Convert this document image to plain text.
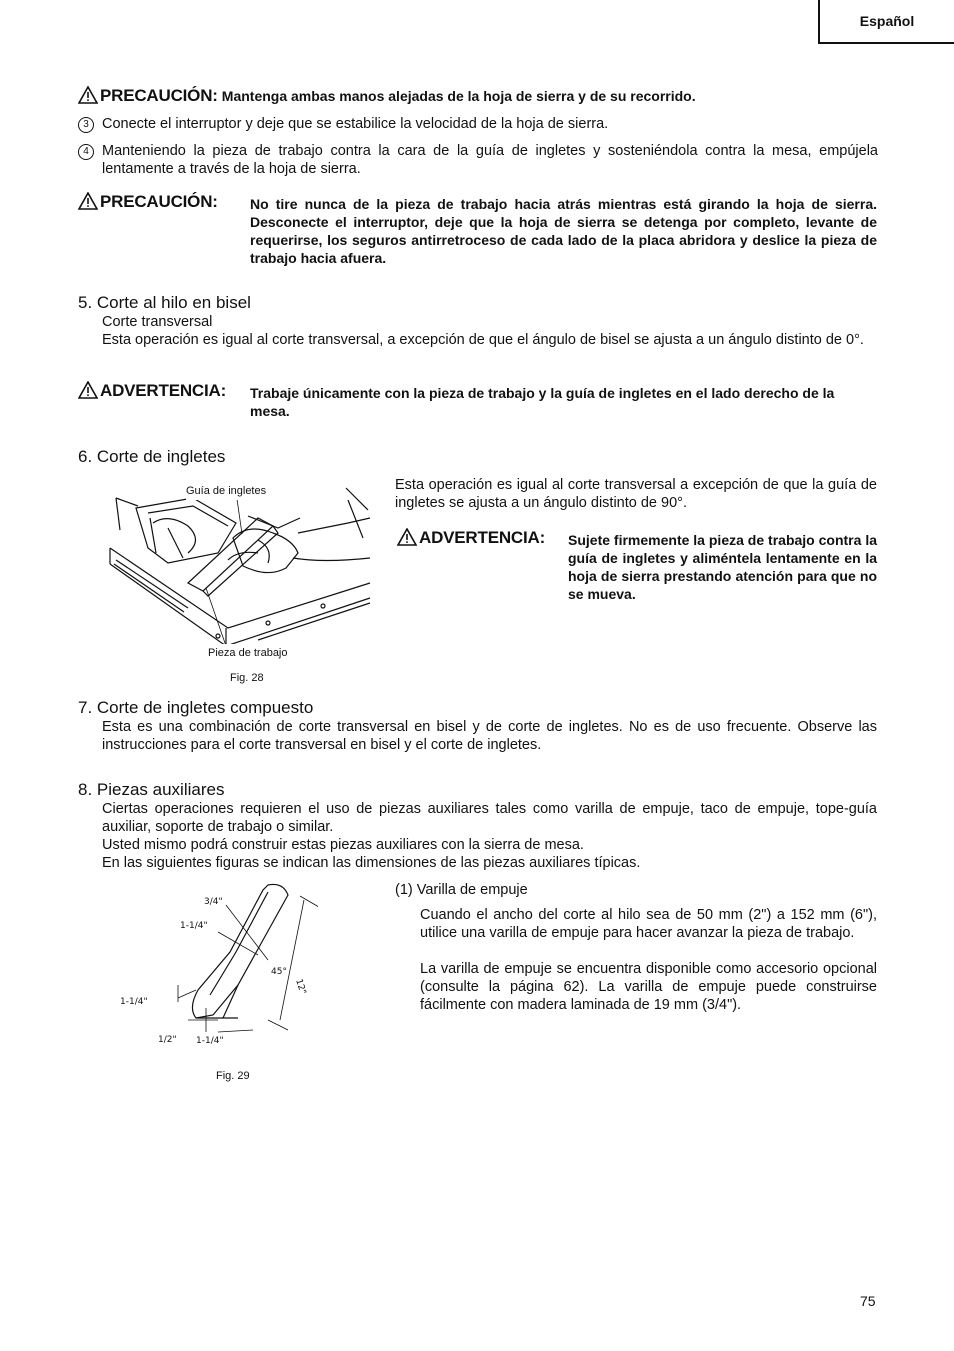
Español
PRECAUCIÓN: Mantenga ambas manos alejadas de la hoja de sierra y de su recorrido.
3 Conecte el interruptor y deje que se estabilice la velocidad de la hoja de sierra.
4 Manteniendo la pieza de trabajo contra la cara de la guía de ingletes y sosteniéndola contra la mesa, empújela lentamente a través de la hoja de sierra.
PRECAUCIÓN: No tire nunca de la pieza de trabajo hacia atrás mientras está girando la hoja de sierra. Desconecte el interruptor, deje que la hoja de sierra se detenga por completo, levante de requerirse, los seguros antirretroceso de cada lado de la placa abridora y deslice la pieza de trabajo hacia afuera.
5. Corte al hilo en bisel
Corte transversal
Esta operación es igual al corte transversal, a excepción de que el ángulo de bisel se ajusta a un ángulo distinto de 0°.
ADVERTENCIA: Trabaje únicamente con la pieza de trabajo y la guía de ingletes en el lado derecho de la mesa.
6. Corte de ingletes
Esta operación es igual al corte transversal a excepción de que la guía de ingletes se ajusta a un ángulo distinto de 90°.
Guía de ingletes
Pieza de trabajo
Fig. 28
ADVERTENCIA: Sujete firmemente la pieza de trabajo contra la guía de ingletes y aliméntela lentamente en la hoja de sierra prestando atención para que no se mueva.
7. Corte de ingletes compuesto
Esta es una combinación de corte transversal en bisel y de corte de ingletes. No es de uso frecuente. Observe las instrucciones para el corte transversal en bisel y el corte de ingletes.
8. Piezas auxiliares
Ciertas operaciones requieren el uso de piezas auxiliares tales como varilla de empuje, taco de empuje, tope-guía auxiliar, soporte de trabajo o similar.
Usted mismo podrá construir estas piezas auxiliares con la sierra de mesa.
En las siguientes figuras se indican las dimensiones de las piezas auxiliares típicas.
(1) Varilla de empuje
Cuando el ancho del corte al hilo sea de 50 mm (2") a 152 mm (6"), utilice una varilla de empuje para hacer avanzar la pieza de trabajo.
La varilla de empuje se encuentra disponible como accesorio opcional (consulte la página 62). La varilla de empuje puede construirse fácilmente con madera laminada de 19 mm (3/4").
3/4"
1-1/4"
45°
12"
1-1/4"
1/2" 1-1/4"
Fig. 29
75
